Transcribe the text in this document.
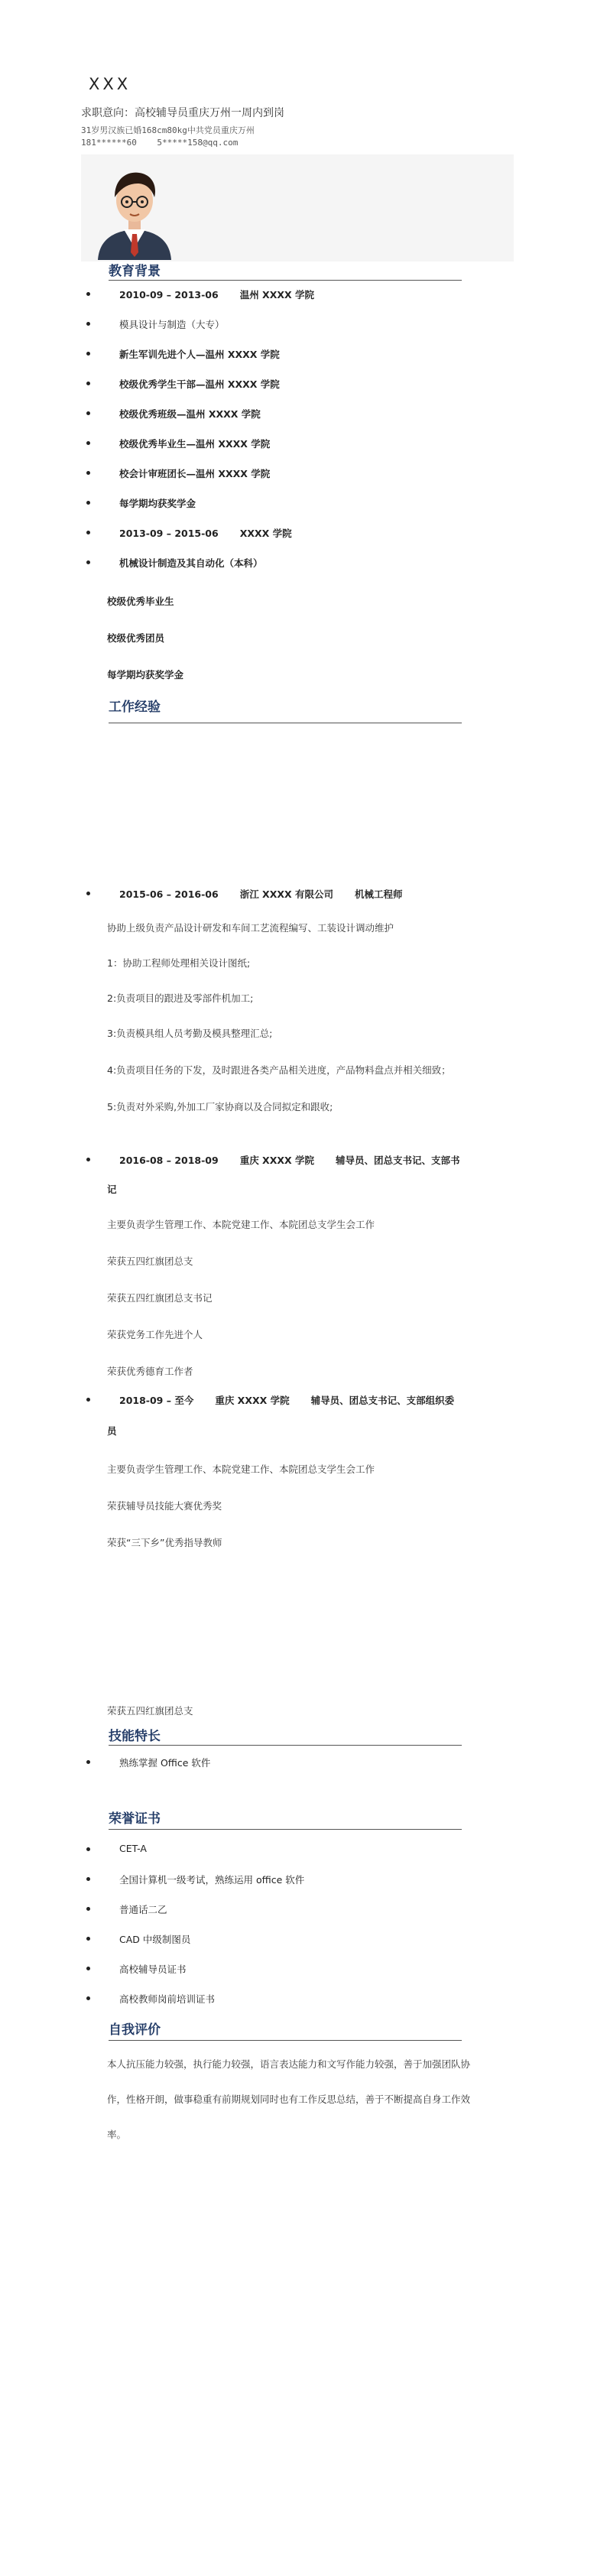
XXX
求职意向：高校辅导员重庆万州一周内到岗
31岁男汉族已婚168cm80kg中共党员重庆万州
181******60 5*****158@qq.com
教育背景
2010-09 – 2013-06 温州 XXXX 学院
模具设计与制造（大专）
新生军训先进个人—温州 XXXX 学院
校级优秀学生干部—温州 XXXX 学院
校级优秀班级—温州 XXXX 学院
校级优秀毕业生—温州 XXXX 学院
校会计审班团长—温州 XXXX 学院
每学期均获奖学金
2013-09 – 2015-06 XXXX 学院
机械设计制造及其自动化（本科）
校级优秀毕业生
校级优秀团员
每学期均获奖学金
工作经验
2015-06 – 2016-06 浙江 XXXX 有限公司 机械工程师
协助上级负责产品设计研发和车间工艺流程编写、工装设计调动维护
1：协助工程师处理相关设计图纸;
2:负责项目的跟进及零部件机加工;
3:负责模具组人员考勤及模具整理汇总;
4:负责项目任务的下发，及时跟进各类产品相关进度，产品物料盘点并相关细致；
5:负责对外采购,外加工厂家协商以及合同拟定和跟收;
2016-08 – 2018-09 重庆 XXXX 学院 辅导员、团总支书记、支部书
记
主要负责学生管理工作、本院党建工作、本院团总支学生会工作
荣获五四红旗团总支
荣获五四红旗团总支书记
荣获党务工作先进个人
荣获优秀德育工作者
2018-09 – 至今 重庆 XXXX 学院 辅导员、团总支书记、支部组织委
员
主要负责学生管理工作、本院党建工作、本院团总支学生会工作
荣获辅导员技能大赛优秀奖
荣获“三下乡”优秀指导教师
荣获五四红旗团总支
技能特长
熟练掌握 Office 软件
荣誉证书
CET-A
全国计算机一级考试，熟练运用 office 软件
普通话二乙
CAD 中级制图员
高校辅导员证书
高校教师岗前培训证书
自我评价
本人抗压能力较强，执行能力较强，语言表达能力和文写作能力较强，善于加强团队协
作，性格开朗，做事稳重有前期规划同时也有工作反思总结，善于不断提高自身工作效
率。
